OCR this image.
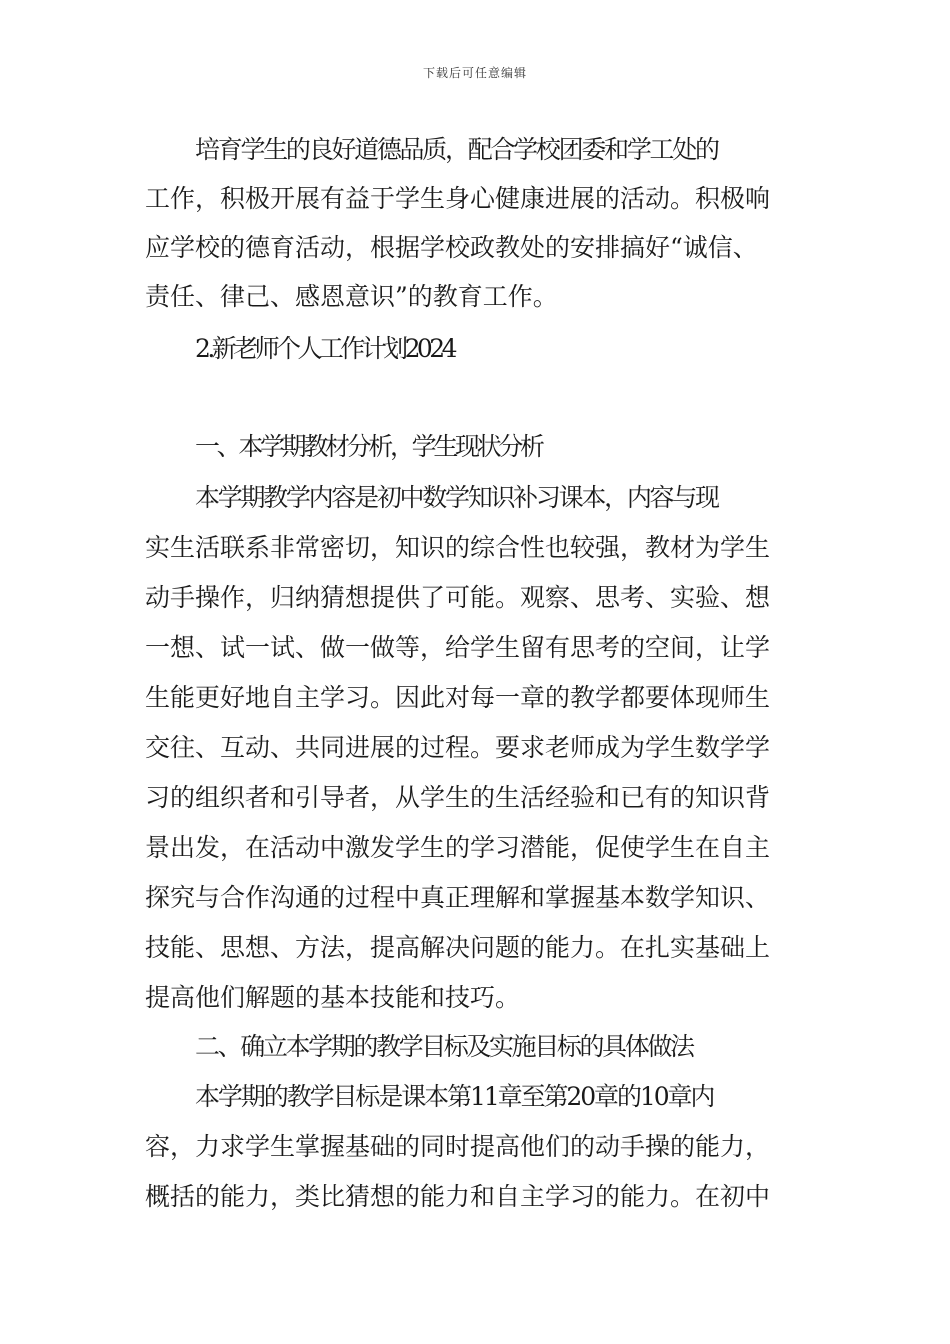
下载后可任意编辑
培育学生的良好道德品质，配合学校团委和学工处的
工作，积极开展有益于学生身心健康进展的活动。积极响
应学校的德育活动，根据学校政教处的安排搞好“诚信、
责任、律己、感恩意识”的教育工作。
2.新老师个人工作计划2024
一、本学期教材分析，学生现状分析
本学期教学内容是初中数学知识补习课本，内容与现
实生活联系非常密切，知识的综合性也较强，教材为学生
动手操作，归纳猜想提供了可能。观察、思考、实验、想
一想、试一试、做一做等，给学生留有思考的空间，让学
生能更好地自主学习。因此对每一章的教学都要体现师生
交往、互动、共同进展的过程。要求老师成为学生数学学
习的组织者和引导者，从学生的生活经验和已有的知识背
景出发，在活动中激发学生的学习潜能，促使学生在自主
探究与合作沟通的过程中真正理解和掌握基本数学知识、
技能、思想、方法，提高解决问题的能力。在扎实基础上
提高他们解题的基本技能和技巧。
二、确立本学期的教学目标及实施目标的具体做法
本学期的教学目标是课本第11章至第20章的10章内
容，力求学生掌握基础的同时提高他们的动手操的能力，
概括的能力，类比猜想的能力和自主学习的能力。在初中
